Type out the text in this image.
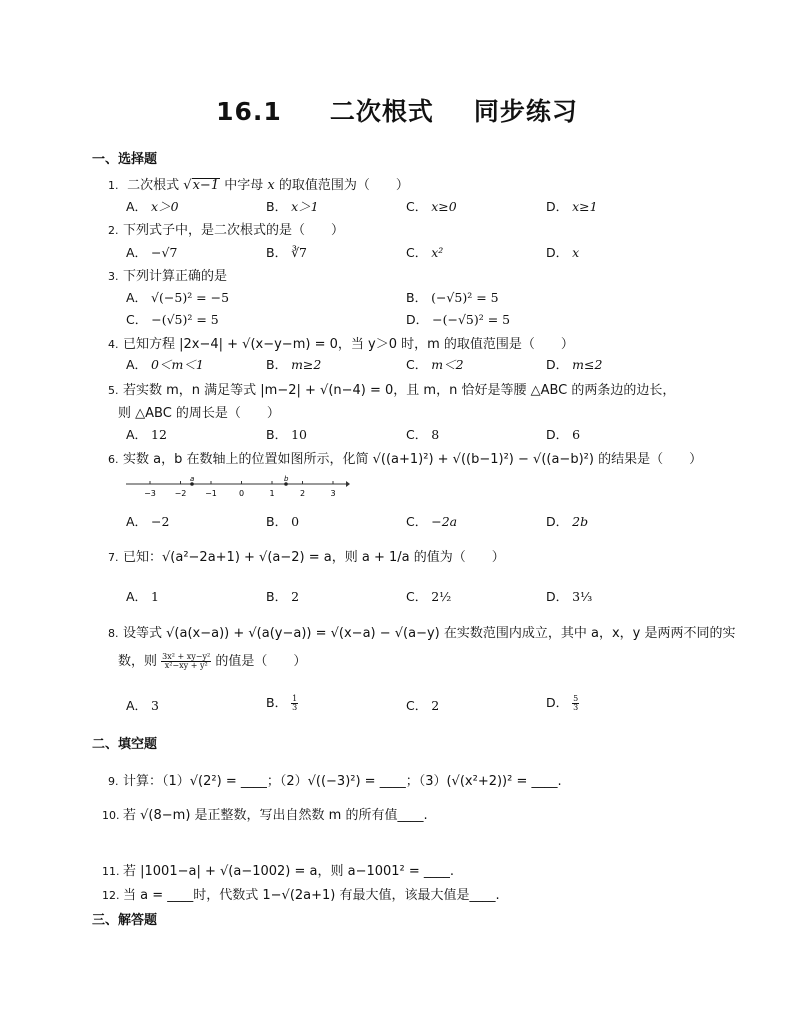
16.1 二次根式 同步练习
一、选择题
1. 二次根式 √x−1 中字母 x 的取值范围为（　　）
A． x＞0	B． x＞1	C． x≥0	D． x≥1
2. 下列式子中，是二次根式的是（　　）
A． −√7	B． ∛7	C． x²	D． x
3. 下列计算正确的是
A． √(−5)² = −5	B． (−√5)² = 5
C． −(√5)² = 5	D． −(−√5)² = 5
4. 已知方程 |2x−4| + √(x−y−m) = 0，当 y＞0 时，m 的取值范围是（　　）
A． 0＜m＜1	B． m≥2	C． m＜2	D． m≤2
5. 若实数 m，n 满足等式 |m−2| + √(n−4) = 0，且 m，n 恰好是等腰 △ABC 的两条边的边长，
则 △ABC 的周长是（　　）
A． 12	B． 10	C． 8	D． 6
6. 实数 a，b 在数轴上的位置如图所示，化简 √((a+1)²) + √((b−1)²) − √((a−b)²) 的结果是（　　）
−3 −2 −1	0	1	2	3
a	b
A． −2	B． 0	C． −2a	D． 2b
7. 已知：√(a²−2a+1) + √(a−2) = a，则 a + 1/a 的值为（　　）
A． 1	B． 2	C． 2½	D． 3⅓
8. 设等式 √(a(x−a)) + √(a(y−a)) = √(x−a) − √(a−y) 在实数范围内成立，其中 a，x，y 是两两不同的实
数，则 $\frac{\text{3x² + xy−y²}}{\text{x²−xy + y²}}$ 的值是（　　）
A． 3	B． $\frac{1}{3}$	C． 2	D． $\frac{5}{3}$
二、填空题
9. 计算：（1）√(2²) = ____；（2）√((−3)²) = ____；（3）(√(x²+2))² = ____.
10. 若 √(8−m) 是正整数，写出自然数 m 的所有值____.
11. 若 |1001−a| + √(a−1002) = a，则 a−1001² = ____.
12. 当 a = ____时，代数式 1−√(2a+1) 有最大值，该最大值是____.
三、解答题
